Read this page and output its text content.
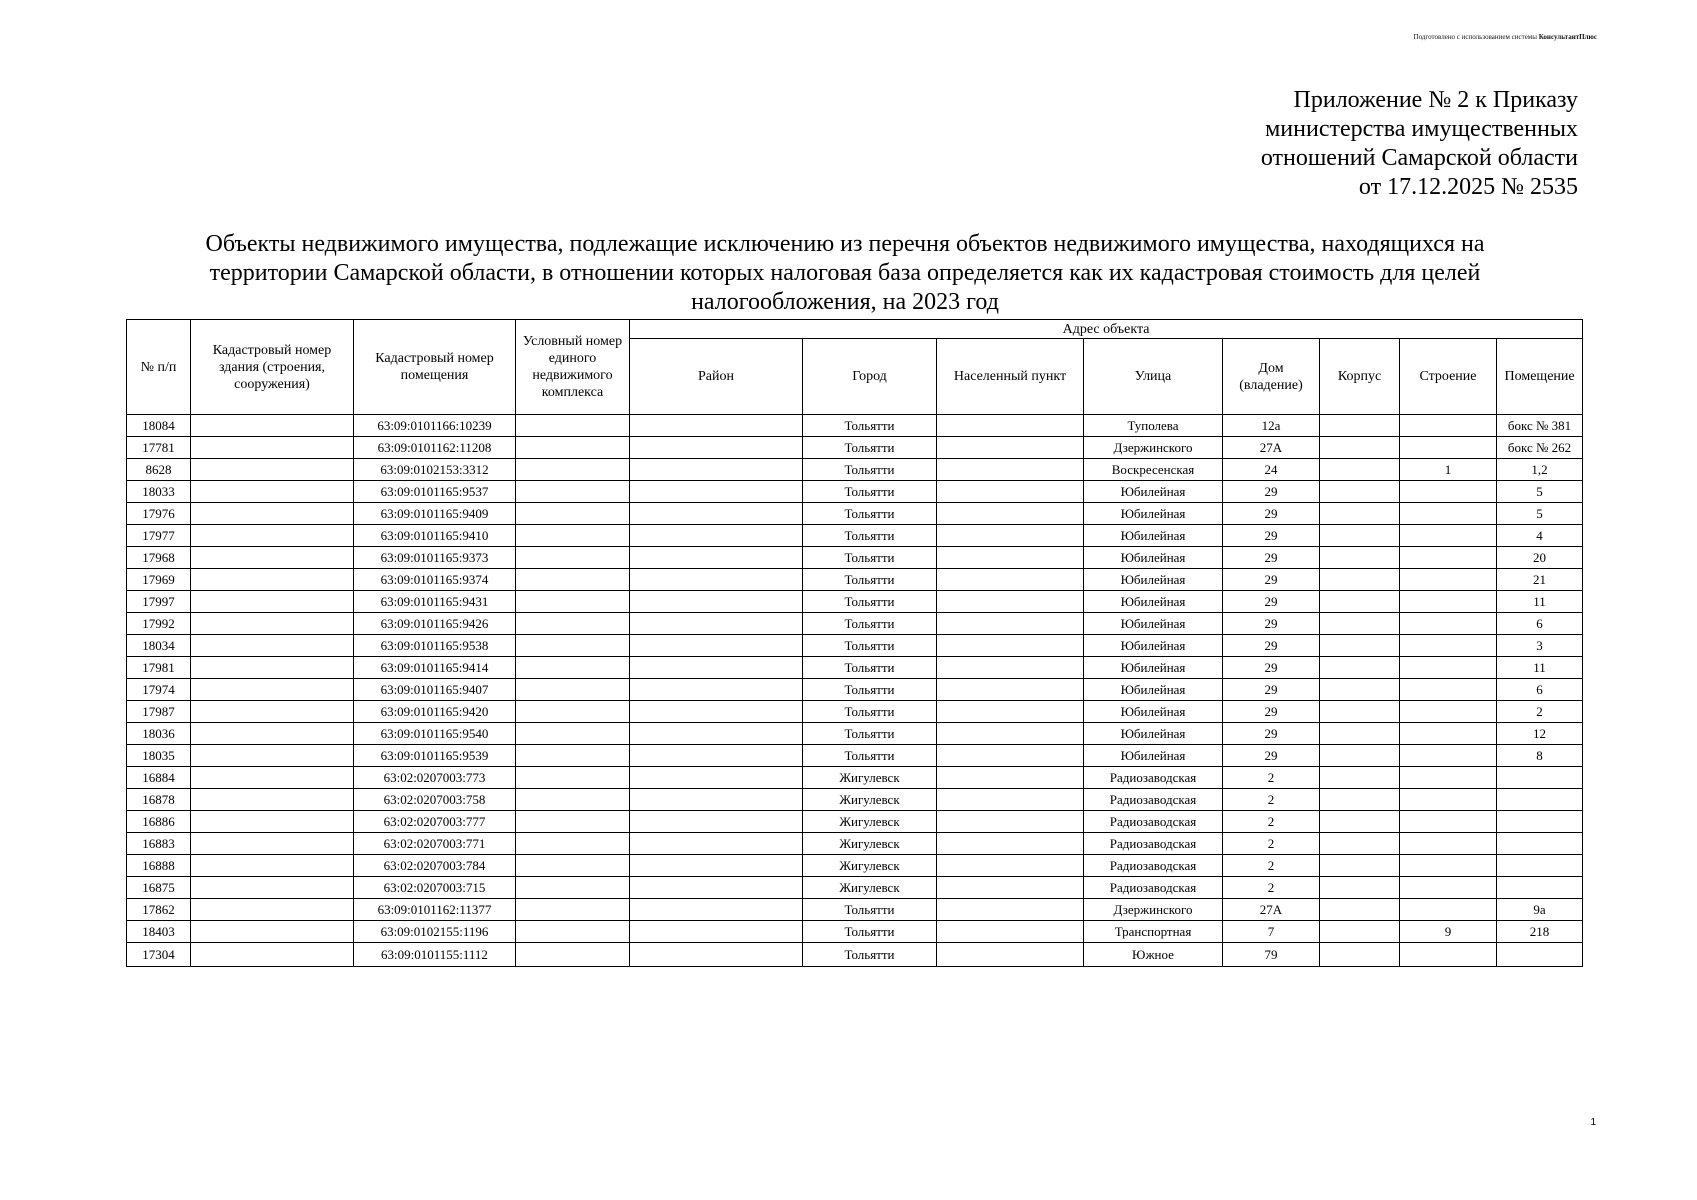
Подготовлено с использованием системы КонсультантПлюс
Приложение № 2 к Приказу
министерства имущественных
отношений Самарской области
от 17.12.2025 № 2535
Объекты недвижимого имущества, подлежащие исключению из перечня объектов недвижимого имущества, находящихся на
территории Самарской области, в отношении которых налоговая база определяется как их кадастровая стоимость для целей
налогообложения, на 2023 год
№ п/п	Кадастровый номер здания (строения, сооружения)	Кадастровый номер помещения	Условный номер единого недвижимого комплекса	Адрес объекта							
				Район	Город	Населенный пункт	Улица	Дом (владение)	Корпус	Строение	Помещение
18084		63:09:0101166:10239			Тольятти		Туполева	12а			бокс № 381
17781		63:09:0101162:11208			Тольятти		Дзержинского	27А			бокс № 262
8628		63:09:0102153:3312			Тольятти		Воскресенская	24		1	1,2
18033		63:09:0101165:9537			Тольятти		Юбилейная	29			5
17976		63:09:0101165:9409			Тольятти		Юбилейная	29			5
17977		63:09:0101165:9410			Тольятти		Юбилейная	29			4
17968		63:09:0101165:9373			Тольятти		Юбилейная	29			20
17969		63:09:0101165:9374			Тольятти		Юбилейная	29			21
17997		63:09:0101165:9431			Тольятти		Юбилейная	29			11
17992		63:09:0101165:9426			Тольятти		Юбилейная	29			6
18034		63:09:0101165:9538			Тольятти		Юбилейная	29			3
17981		63:09:0101165:9414			Тольятти		Юбилейная	29			11
17974		63:09:0101165:9407			Тольятти		Юбилейная	29			6
17987		63:09:0101165:9420			Тольятти		Юбилейная	29			2
18036		63:09:0101165:9540			Тольятти		Юбилейная	29			12
18035		63:09:0101165:9539			Тольятти		Юбилейная	29			8
16884		63:02:0207003:773			Жигулевск		Радиозаводская	2			
16878		63:02:0207003:758			Жигулевск		Радиозаводская	2			
16886		63:02:0207003:777			Жигулевск		Радиозаводская	2			
16883		63:02:0207003:771			Жигулевск		Радиозаводская	2			
16888		63:02:0207003:784			Жигулевск		Радиозаводская	2			
16875		63:02:0207003:715			Жигулевск		Радиозаводская	2			
17862		63:09:0101162:11377			Тольятти		Дзержинского	27А			9а
18403		63:09:0102155:1196			Тольятти		Транспортная	7		9	218
17304		63:09:0101155:1112			Тольятти		Южное	79			
1
